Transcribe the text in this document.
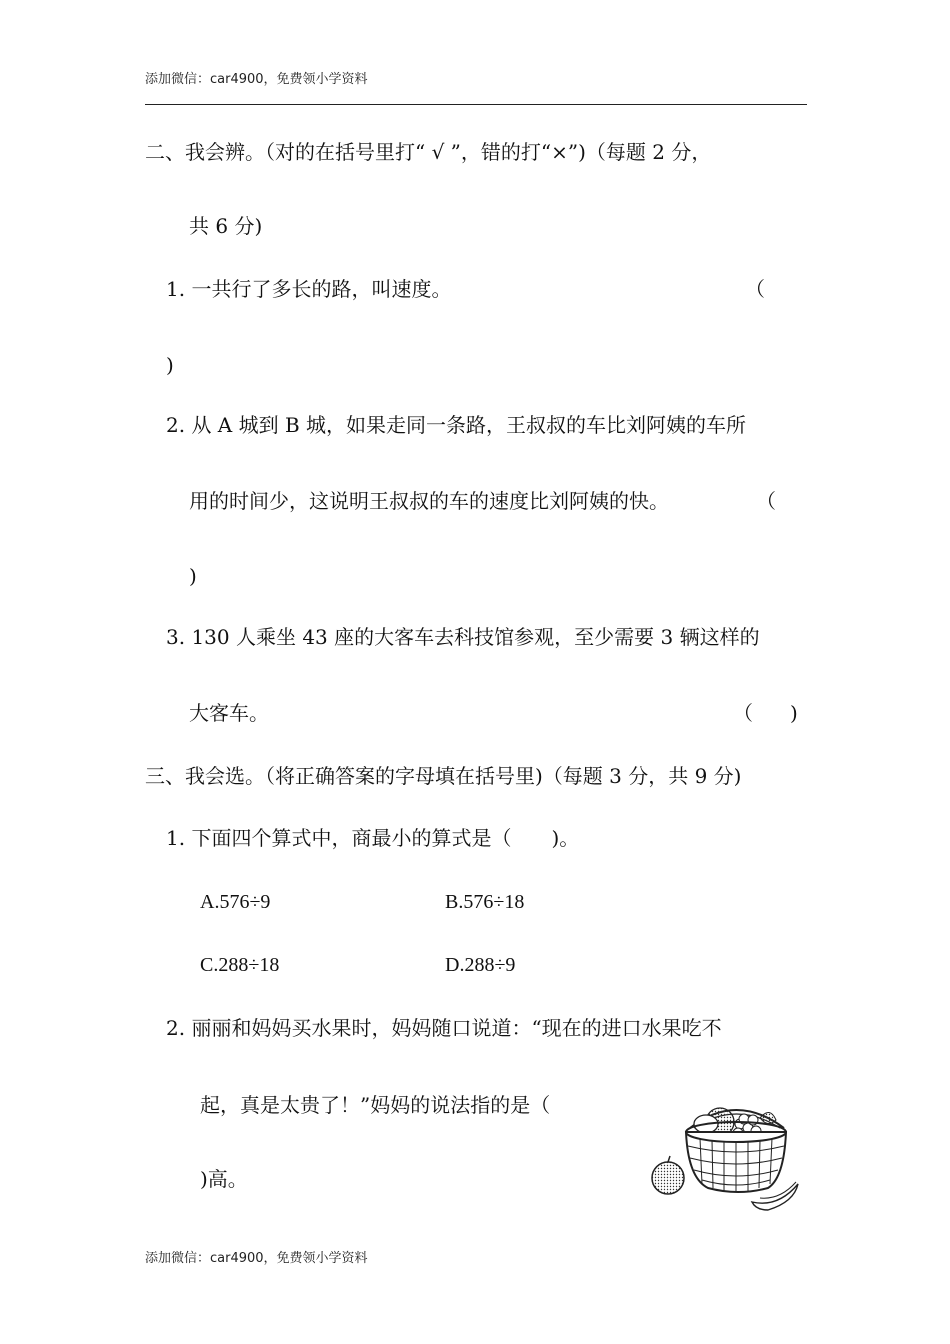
添加微信：car4900，免费领小学资料
二、我会辨。（对的在括号里打“ √ ”，错的打“×”)（每题 2 分，
共 6 分)
1. 一共行了多长的路，叫速度。	（
)
2. 从 A 城到 B 城，如果走同一条路，王叔叔的车比刘阿姨的车所
用的时间少，这说明王叔叔的车的速度比刘阿姨的快。	（
)
3. 130 人乘坐 43 座的大客车去科技馆参观，至少需要 3 辆这样的
大客车。	（ )
三、我会选。（将正确答案的字母填在括号里)（每题 3 分，共 9 分)
1. 下面四个算式中，商最小的算式是（　　)。
A.576÷9	B.576÷18
C.288÷18	D.288÷9
2. 丽丽和妈妈买水果时，妈妈随口说道：“现在的进口水果吃不
起，真是太贵了！”妈妈的说法指的是（
)高。
添加微信：car4900，免费领小学资料
